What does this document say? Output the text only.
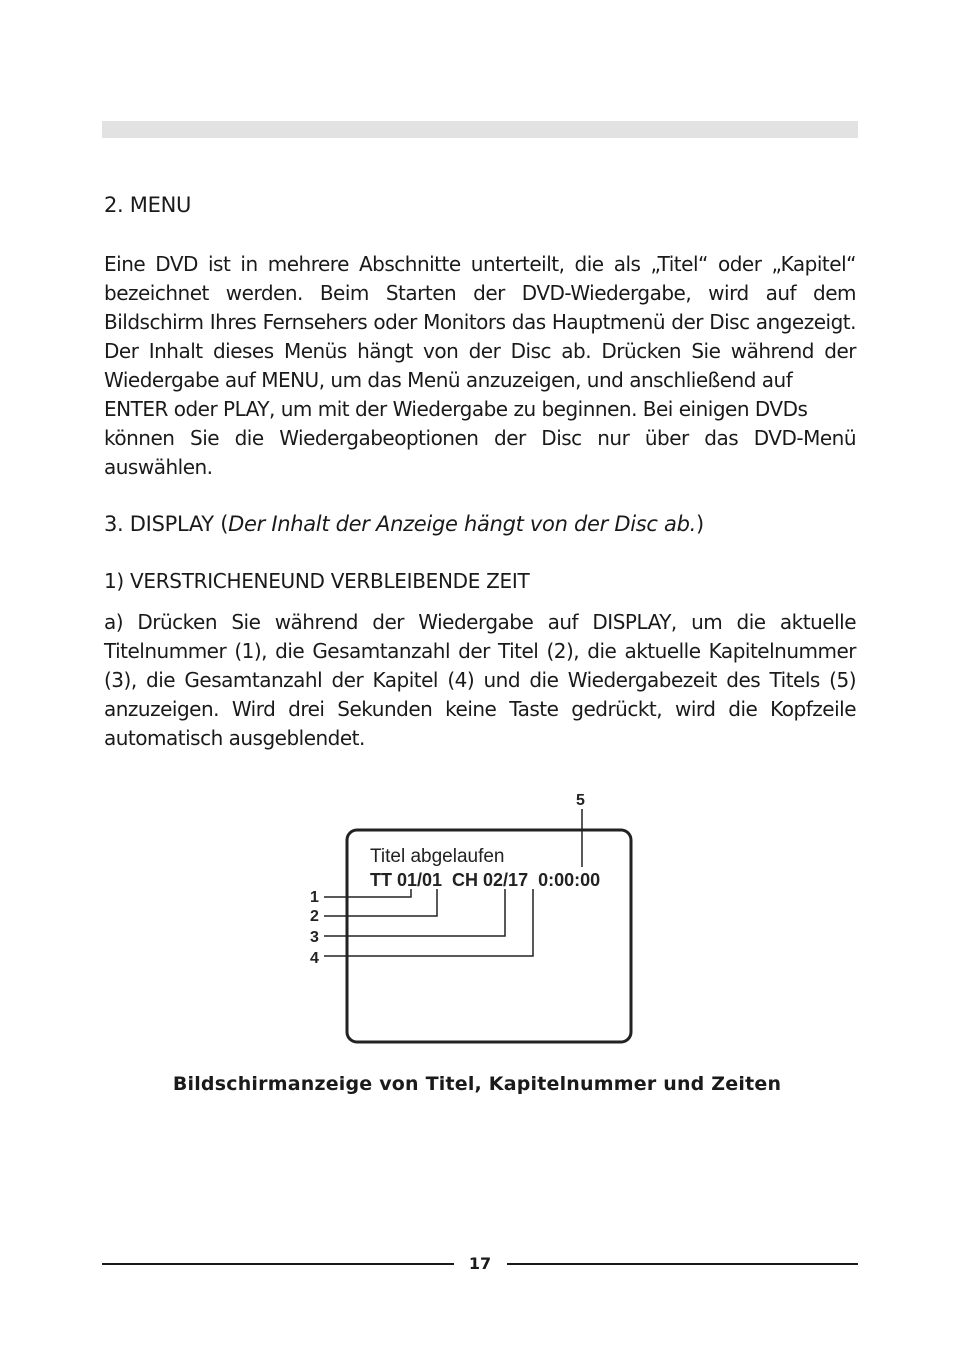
2. MENU

Eine DVD ist in mehrere Abschnitte unterteilt, die als „Titel“ oder „Kapitel“ bezeichnet werden. Beim Starten der DVD-Wiedergabe, wird auf dem Bildschirm Ihres Fernsehers oder Monitors das Hauptmenü der Disc angezeigt. Der Inhalt dieses Menüs hängt von der Disc ab. Drücken Sie während der Wiedergabe auf MENU, um das Menü anzuzeigen, und anschließend auf

ENTER oder PLAY, um mit der Wiedergabe zu beginnen. Bei einigen DVDs

können Sie die Wiedergabeoptionen der Disc nur über das DVD-Menü auswählen.

3. DISPLAY (Der Inhalt der Anzeige hängt von der Disc ab.)
1) VERSTRICHENEUND VERBLEIBENDE ZEIT

a) Drücken Sie während der Wiedergabe auf DISPLAY, um die aktuelle Titelnummer (1), die Gesamtanzahl der Titel (2), die aktuelle Kapitelnummer (3), die Gesamtanzahl der Kapitel (4) und die Wiedergabezeit des Titels (5) anzuzeigen. Wird drei Sekunden keine Taste gedrückt, wird die Kopfzeile automatisch ausgeblendet.

Titel abgelaufen
TT 01/01  CH 02/17  0:00:00
5
1
2
3
4
Bildschirmanzeige von Titel, Kapitelnummer und Zeiten
17
